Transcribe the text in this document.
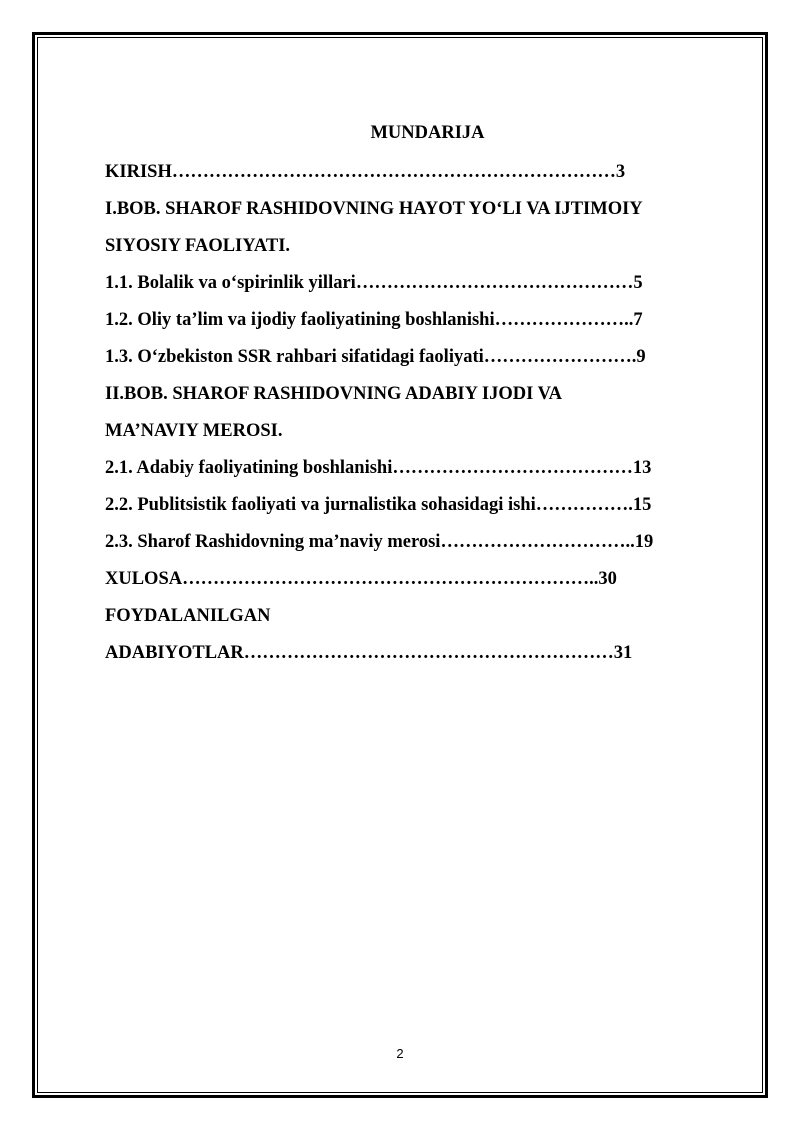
MUNDARIJA
KIRISH………………………………………………………………3
I.BOB. SHAROF RASHIDOVNING HAYOT YO‘LI VA IJTIMOIY
SIYOSIY FAOLIYATI.
1.1. Bolalik va o‘spirinlik yillari………………………………………5
1.2. Oliy ta’lim va ijodiy faoliyatining boshlanishi…………………..7
1.3. O‘zbekiston SSR rahbari sifatidagi faoliyati…………………….9
II.BOB. SHAROF RASHIDOVNING ADABIY IJODI VA
MA’NAVIY MEROSI.
2.1. Adabiy faoliyatining boshlanishi…………………………………13
2.2. Publitsistik faoliyati va jurnalistika sohasidagi ishi…………….15
2.3. Sharof Rashidovning ma’naviy merosi…………………………..19
XULOSA…………………………………………………………..30
FOYDALANILGAN
ADABIYOTLAR……………………………………………………31
2
